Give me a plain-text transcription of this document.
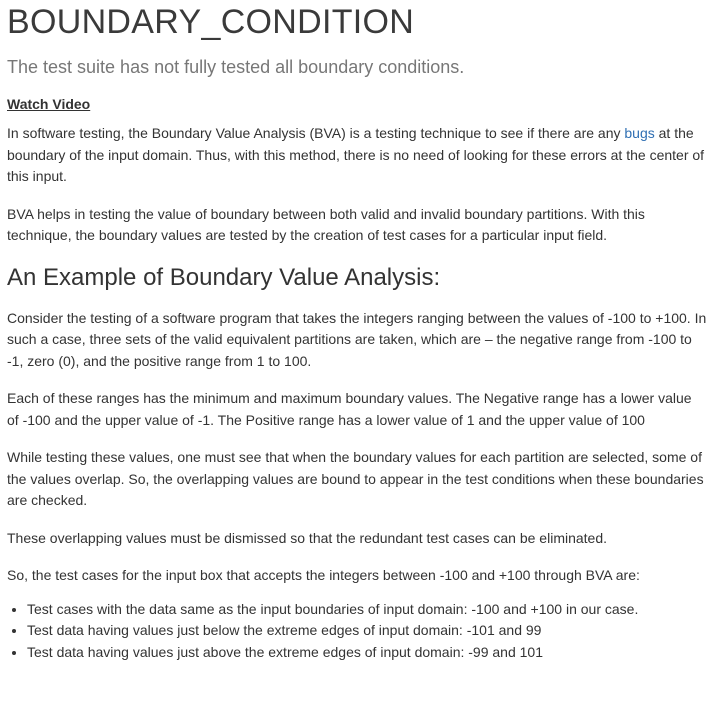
BOUNDARY_CONDITION

The test suite has not fully tested all boundary conditions.

Watch Video

In software testing, the Boundary Value Analysis (BVA) is a testing technique to see if there are any bugs at the boundary of the input domain. Thus, with this method, there is no need of looking for these errors at the center of this input.

BVA helps in testing the value of boundary between both valid and invalid boundary partitions. With this technique, the boundary values are tested by the creation of test cases for a particular input field.

An Example of Boundary Value Analysis:

Consider the testing of a software program that takes the integers ranging between the values of -100 to +100. In such a case, three sets of the valid equivalent partitions are taken, which are – the negative range from -100 to -1, zero (0), and the positive range from 1 to 100.

Each of these ranges has the minimum and maximum boundary values. The Negative range has a lower value of -100 and the upper value of -1. The Positive range has a lower value of 1 and the upper value of 100

While testing these values, one must see that when the boundary values for each partition are selected, some of the values overlap. So, the overlapping values are bound to appear in the test conditions when these boundaries are checked.

These overlapping values must be dismissed so that the redundant test cases can be eliminated.

So, the test cases for the input box that accepts the integers between -100 and +100 through BVA are:

• Test cases with the data same as the input boundaries of input domain: -100 and +100 in our case.
• Test data having values just below the extreme edges of input domain: -101 and 99
• Test data having values just above the extreme edges of input domain: -99 and 101
